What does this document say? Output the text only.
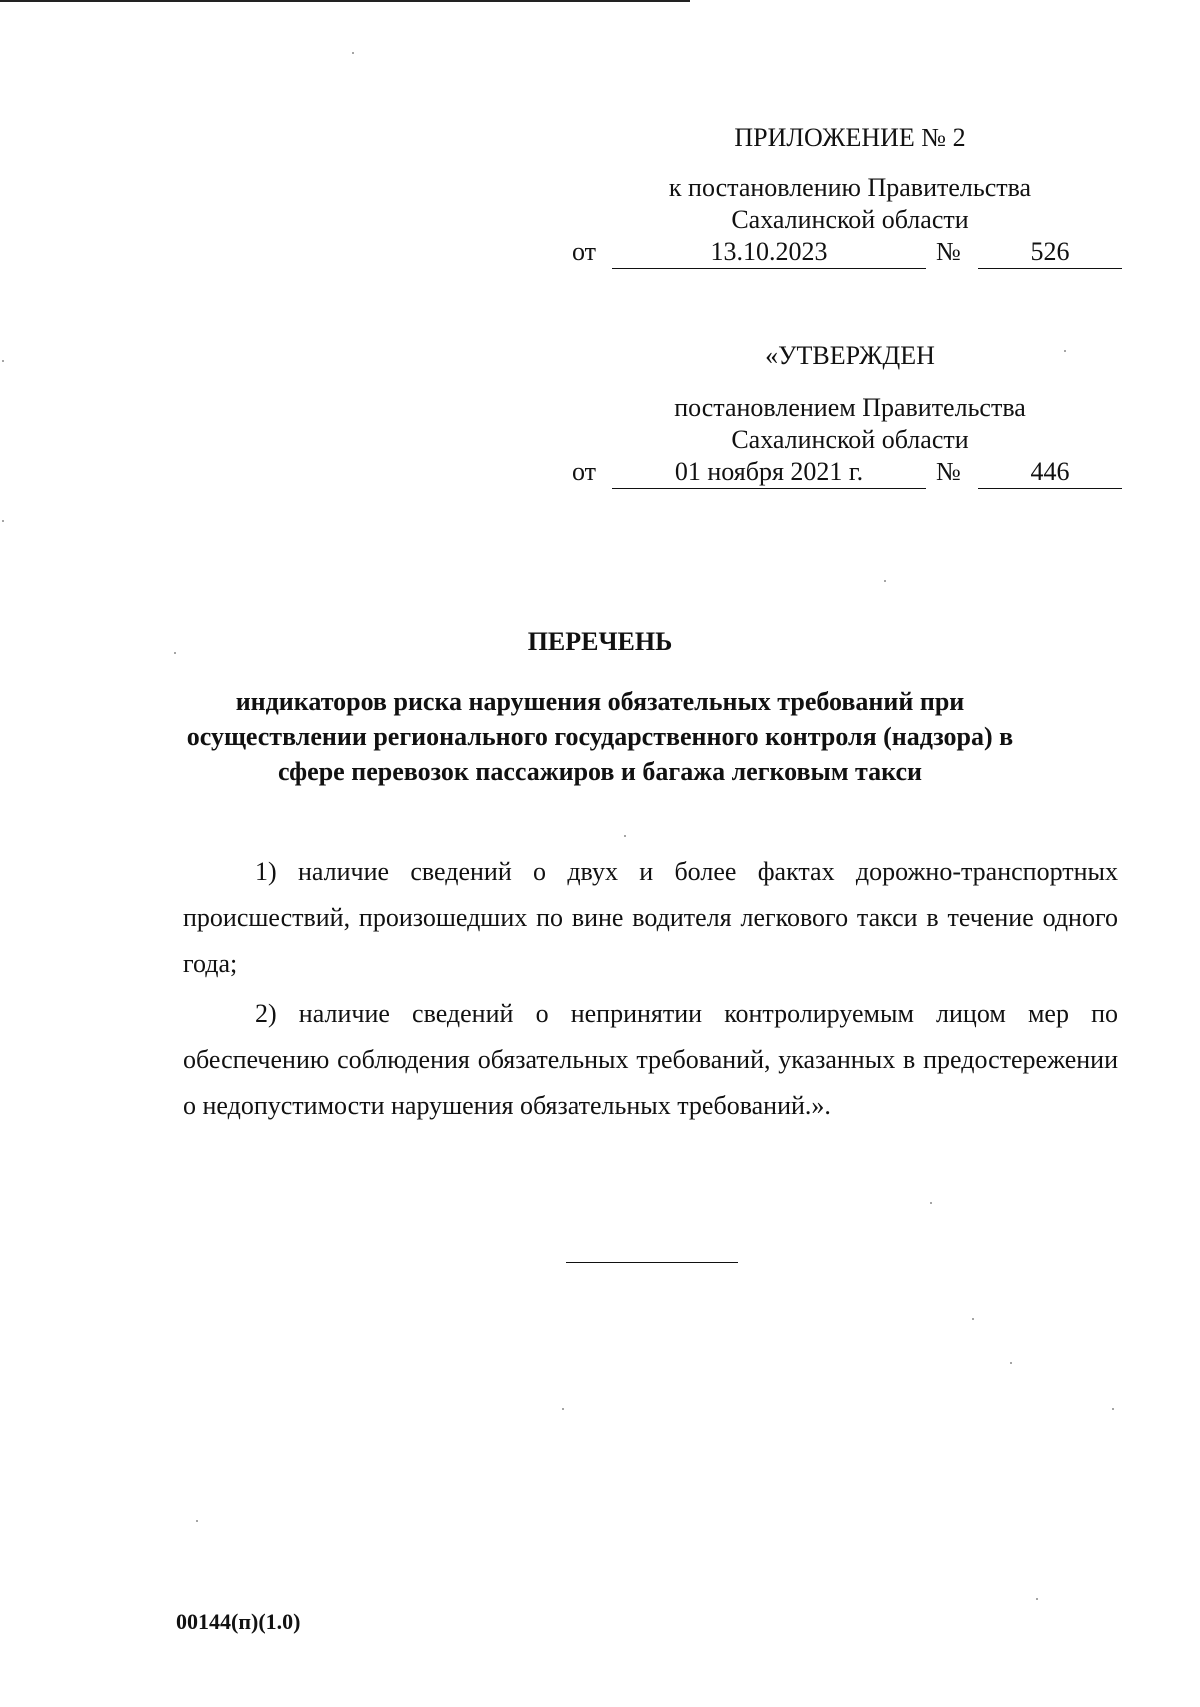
ПРИЛОЖЕНИЕ № 2
к постановлению Правительства
Сахалинской области
от	13.10.2023	№	526
«УТВЕРЖДЕН
постановлением Правительства
Сахалинской области
от	01 ноября 2021 г.	№	446
ПЕРЕЧЕНЬ
индикаторов риска нарушения обязательных требований при
осуществлении регионального государственного контроля (надзора) в
сфере перевозок пассажиров и багажа легковым такси

1) наличие сведений о двух и более фактах дорожно-транспортных происшествий, произошедших по вине водителя легкового такси в течение одного года;

2) наличие сведений о непринятии контролируемым лицом мер по обеспечению соблюдения обязательных требований, указанных в предостережении о недопустимости нарушения обязательных требований.».

00144(п)(1.0)
